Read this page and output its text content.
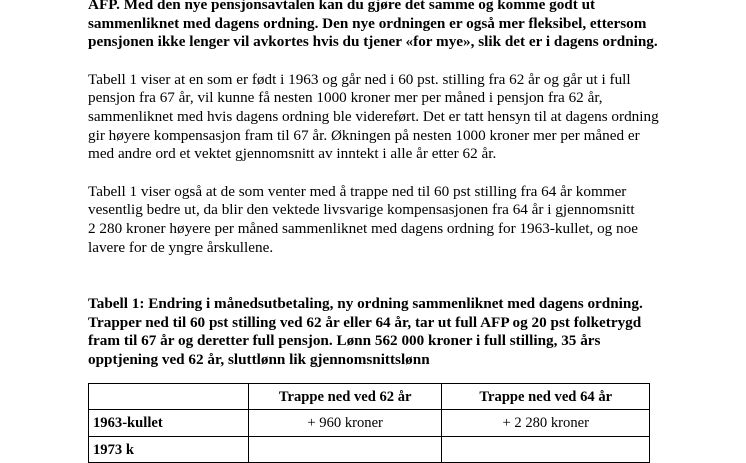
AFP. Med den nye pensjonsavtalen kan du gjøre det samme og komme godt ut
sammenliknet med dagens ordning. Den nye ordningen er også mer fleksibel, ettersom
pensjonen ikke lenger vil avkortes hvis du tjener «for mye», slik det er i dagens ordning.

Tabell 1 viser at en som er født i 1963 og går ned i 60 pst. stilling fra 62 år og går ut i full
pensjon fra 67 år, vil kunne få nesten 1000 kroner mer per måned i pensjon fra 62 år,
sammenliknet med hvis dagens ordning ble videreført. Det er tatt hensyn til at dagens ordning
gir høyere kompensasjon fram til 67 år. Økningen på nesten 1000 kroner mer per måned er
med andre ord et vektet gjennomsnitt av inntekt i alle år etter 62 år.

Tabell 1 viser også at de som venter med å trappe ned til 60 pst stilling fra 64 år kommer
vesentlig bedre ut, da blir den vektede livsvarige kompensasjonen fra 64 år i gjennomsnitt
2 280 kroner høyere per måned sammenliknet med dagens ordning for 1963-kullet, og noe
lavere for de yngre årskullene.

Tabell 1: Endring i månedsutbetaling, ny ordning sammenliknet med dagens ordning.
Trapper ned til 60 pst stilling ved 62 år eller 64 år, tar ut full AFP og 20 pst folketrygd
fram til 67 år og deretter full pensjon. Lønn 562 000 kroner i full stilling, 35 års
opptjening ved 62 år, sluttlønn lik gjennomsnittslønn

	Trappe ned ved 62 år	Trappe ned ved 64 år
1963-kullet	+ 960 kroner	+ 2 280 kroner
1973 k		
